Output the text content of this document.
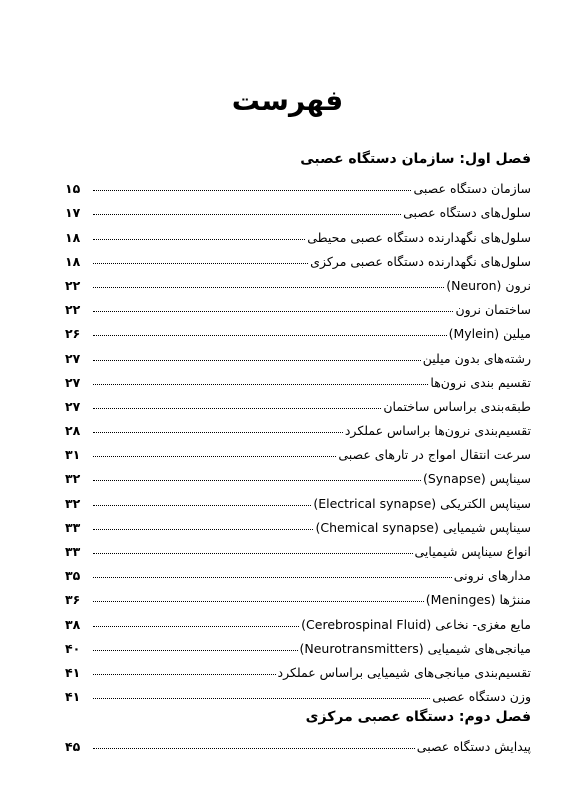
فهرست
فصل اول: سازمان دستگاه عصبی
سازمان دستگاه عصبی
۱۵
سلول‌های دستگاه عصبی
۱۷
سلول‌های نگهدارنده دستگاه عصبی محیطی
۱۸
سلول‌های نگهدارنده دستگاه عصبی مرکزی
۱۸
نرون (Neuron)
۲۲
ساختمان نرون
۲۲
میلین (Mylein)
۲۶
رشته‌های بدون میلین
۲۷
تقسیم بندی نرون‌ها
۲۷
طبقه‌بندی براساس ساختمان
۲۷
تقسیم‌بندی نرون‌ها براساس عملکرد
۲۸
سرعت انتقال امواج در تارهای عصبی
۳۱
سیناپس (Synapse)
۳۲
سیناپس الکتریکی (Electrical synapse)
۳۲
سیناپس شیمیایی (Chemical synapse)
۳۳
انواع سیناپس شیمیایی
۳۳
مدارهای نرونی
۳۵
مننژها (Meninges)
۳۶
مایع مغزی- نخاعی (Cerebrospinal Fluid)
۳۸
میانجی‌های شیمیایی (Neurotransmitters)
۴۰
تقسیم‌بندی میانجی‌های شیمیایی براساس عملکرد
۴۱
وزن دستگاه عصبی
۴۱
فصل دوم: دستگاه عصبی مرکزی
پیدایش دستگاه عصبی
۴۵
